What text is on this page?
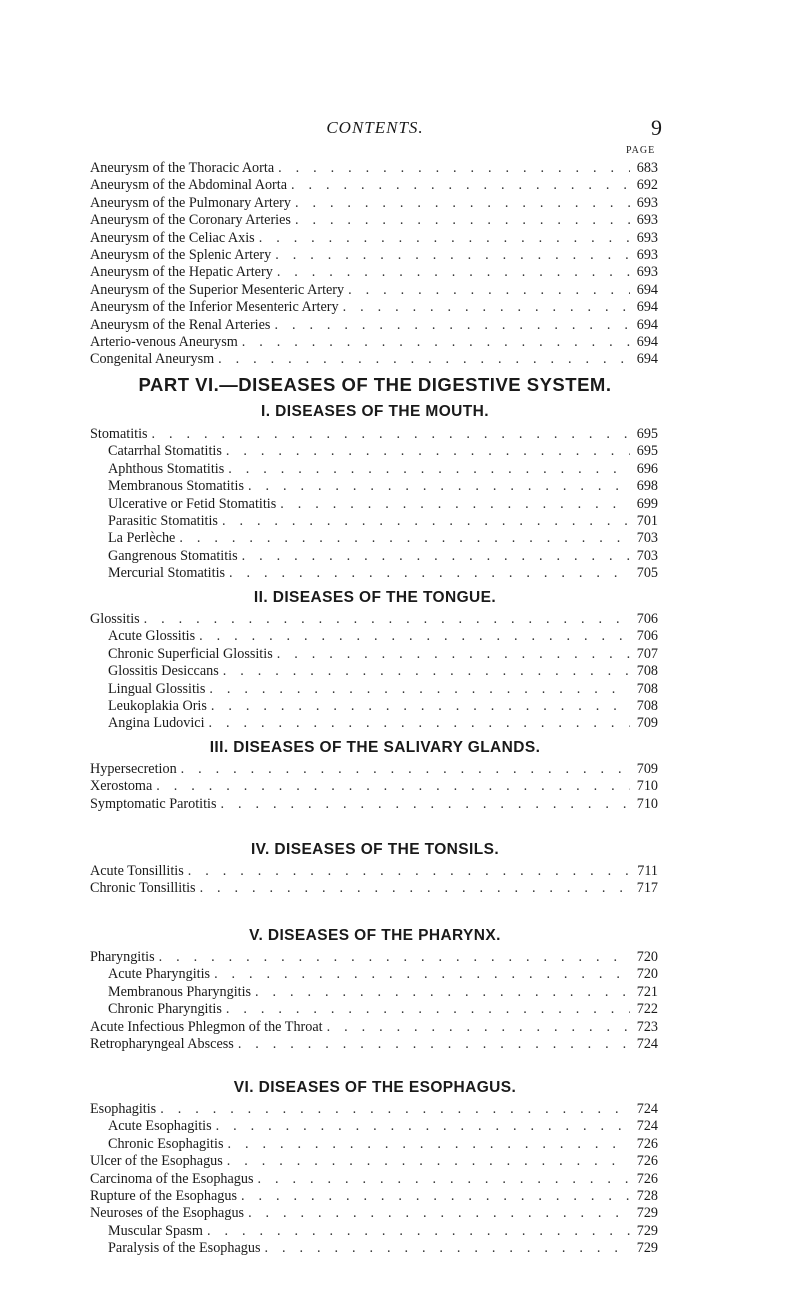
CONTENTS.	9
PAGE
Aneurysm of the Thoracic Aorta . . .	683
Aneurysm of the Abdominal Aorta . . .	692
Aneurysm of the Pulmonary Artery . . .	693
Aneurysm of the Coronary Arteries . . .	693
Aneurysm of the Celiac Axis . . .	693
Aneurysm of the Splenic Artery . . .	693
Aneurysm of the Hepatic Artery . . .	693
Aneurysm of the Superior Mesenteric Artery . . .	694
Aneurysm of the Inferior Mesenteric Artery . . .	694
Aneurysm of the Renal Arteries . . .	694
Arterio-venous Aneurysm . . .	694
Congenital Aneurysm . . .	694
PART VI.—DISEASES OF THE DIGESTIVE SYSTEM.
I. DISEASES OF THE MOUTH.
Stomatitis . . .	695
Catarrhal Stomatitis . . .	695
Aphthous Stomatitis . . .	696
Membranous Stomatitis . . .	698
Ulcerative or Fetid Stomatitis . . .	699
Parasitic Stomatitis . . .	701
La Perlèche . . .	703
Gangrenous Stomatitis . . .	703
Mercurial Stomatitis . . .	705
II. DISEASES OF THE TONGUE.
Glossitis . . .	706
Acute Glossitis . . .	706
Chronic Superficial Glossitis . . .	707
Glossitis Desiccans . . .	708
Lingual Glossitis . . .	708
Leukoplakia Oris . . .	708
Angina Ludovici . . .	709
III. DISEASES OF THE SALIVARY GLANDS.
Hypersecretion . . .	709
Xerostoma . . .	710
Symptomatic Parotitis . . .	710
IV. DISEASES OF THE TONSILS.
Acute Tonsillitis . . .	711
Chronic Tonsillitis . . .	717
V. DISEASES OF THE PHARYNX.
Pharyngitis . . .	720
Acute Pharyngitis . . .	720
Membranous Pharyngitis . . .	721
Chronic Pharyngitis . . .	722
Acute Infectious Phlegmon of the Throat . . .	723
Retropharyngeal Abscess . . .	724
VI. DISEASES OF THE ESOPHAGUS.
Esophagitis . . .	724
Acute Esophagitis . . .	724
Chronic Esophagitis . . .	726
Ulcer of the Esophagus . . .	726
Carcinoma of the Esophagus . . .	726
Rupture of the Esophagus . . .	728
Neuroses of the Esophagus . . .	729
Muscular Spasm . . .	729
Paralysis of the Esophagus . . .	729
